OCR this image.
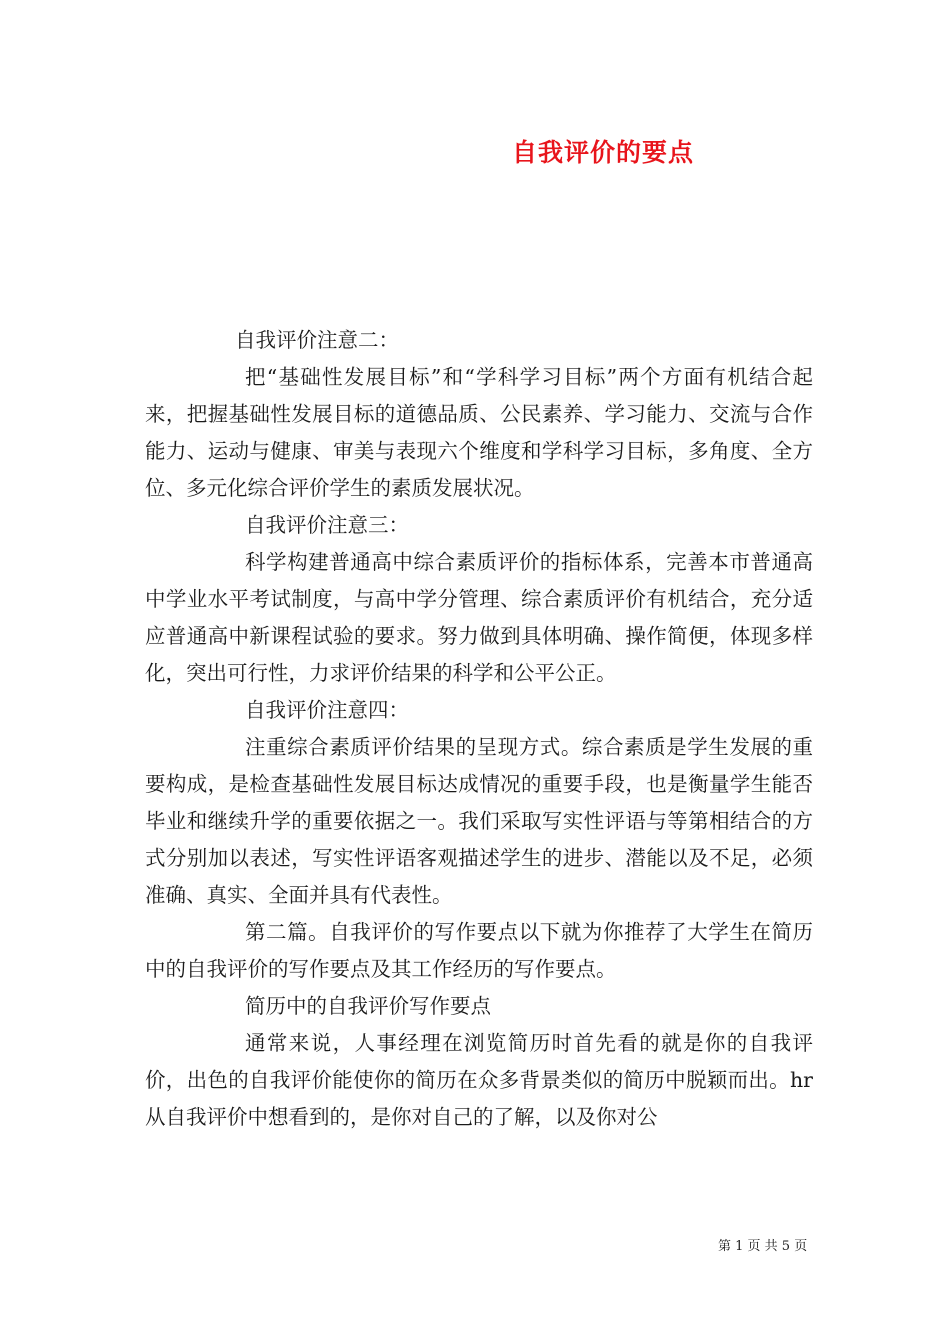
自我评价的要点

自我评价注意二：

把“基础性发展目标”和“学科学习目标”两个方面有机结合起来，把握基础性发展目标的道德品质、公民素养、学习能力、交流与合作能力、运动与健康、审美与表现六个维度和学科学习目标，多角度、全方位、多元化综合评价学生的素质发展状况。

自我评价注意三：

科学构建普通高中综合素质评价的指标体系，完善本市普通高中学业水平考试制度，与高中学分管理、综合素质评价有机结合，充分适应普通高中新课程试验的要求。努力做到具体明确、操作简便，体现多样化，突出可行性，力求评价结果的科学和公平公正。

自我评价注意四：

注重综合素质评价结果的呈现方式。综合素质是学生发展的重要构成，是检查基础性发展目标达成情况的重要手段，也是衡量学生能否毕业和继续升学的重要依据之一。我们采取写实性评语与等第相结合的方式分别加以表述，写实性评语客观描述学生的进步、潜能以及不足，必须准确、真实、全面并具有代表性。

第二篇。自我评价的写作要点以下就为你推荐了大学生在简历中的自我评价的写作要点及其工作经历的写作要点。

简历中的自我评价写作要点

通常来说，人事经理在浏览简历时首先看的就是你的自我评价，出色的自我评价能使你的简历在众多背景类似的简历中脱颖而出。hr从自我评价中想看到的，是你对自己的了解，以及你对公

第 1 页 共 5 页
